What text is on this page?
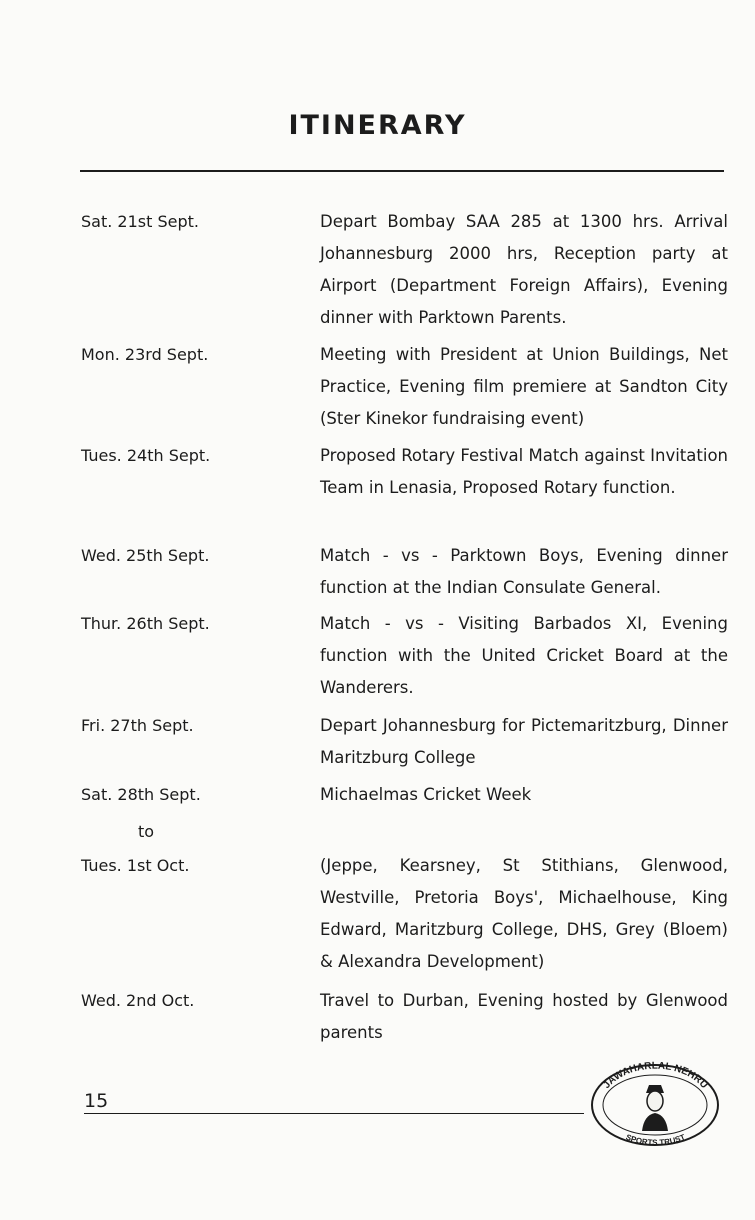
ITINERARY
Sat. 21st Sept.	Depart Bombay SAA 285 at 1300 hrs. Arrival Johannesburg 2000 hrs, Reception party at Airport (Department Foreign Affairs), Evening dinner with Parktown Parents.
Mon. 23rd Sept.	Meeting with President at Union Buildings, Net Practice, Evening film premiere at Sandton City (Ster Kinekor fundraising event)
Tues. 24th Sept.	Proposed Rotary Festival Match against Invitation Team in Lenasia, Proposed Rotary function.
Wed. 25th Sept.	Match - vs - Parktown Boys, Evening dinner function at the Indian Consulate General.
Thur. 26th Sept.	Match - vs - Visiting Barbados XI, Evening function with the United Cricket Board at the Wanderers.
Fri. 27th Sept.	Depart Johannesburg for Pictemaritzburg, Dinner Maritzburg College
Sat. 28th Sept.	Michaelmas Cricket Week
to
Tues. 1st Oct.	(Jeppe, Kearsney, St Stithians, Glenwood, Westville, Pretoria Boys', Michaelhouse, King Edward, Maritzburg College, DHS, Grey (Bloem) & Alexandra Development)
Wed. 2nd Oct.	Travel to Durban, Evening hosted by Glenwood parents
15
JAWAHARLAL NEHRU
SPORTS TRUST
